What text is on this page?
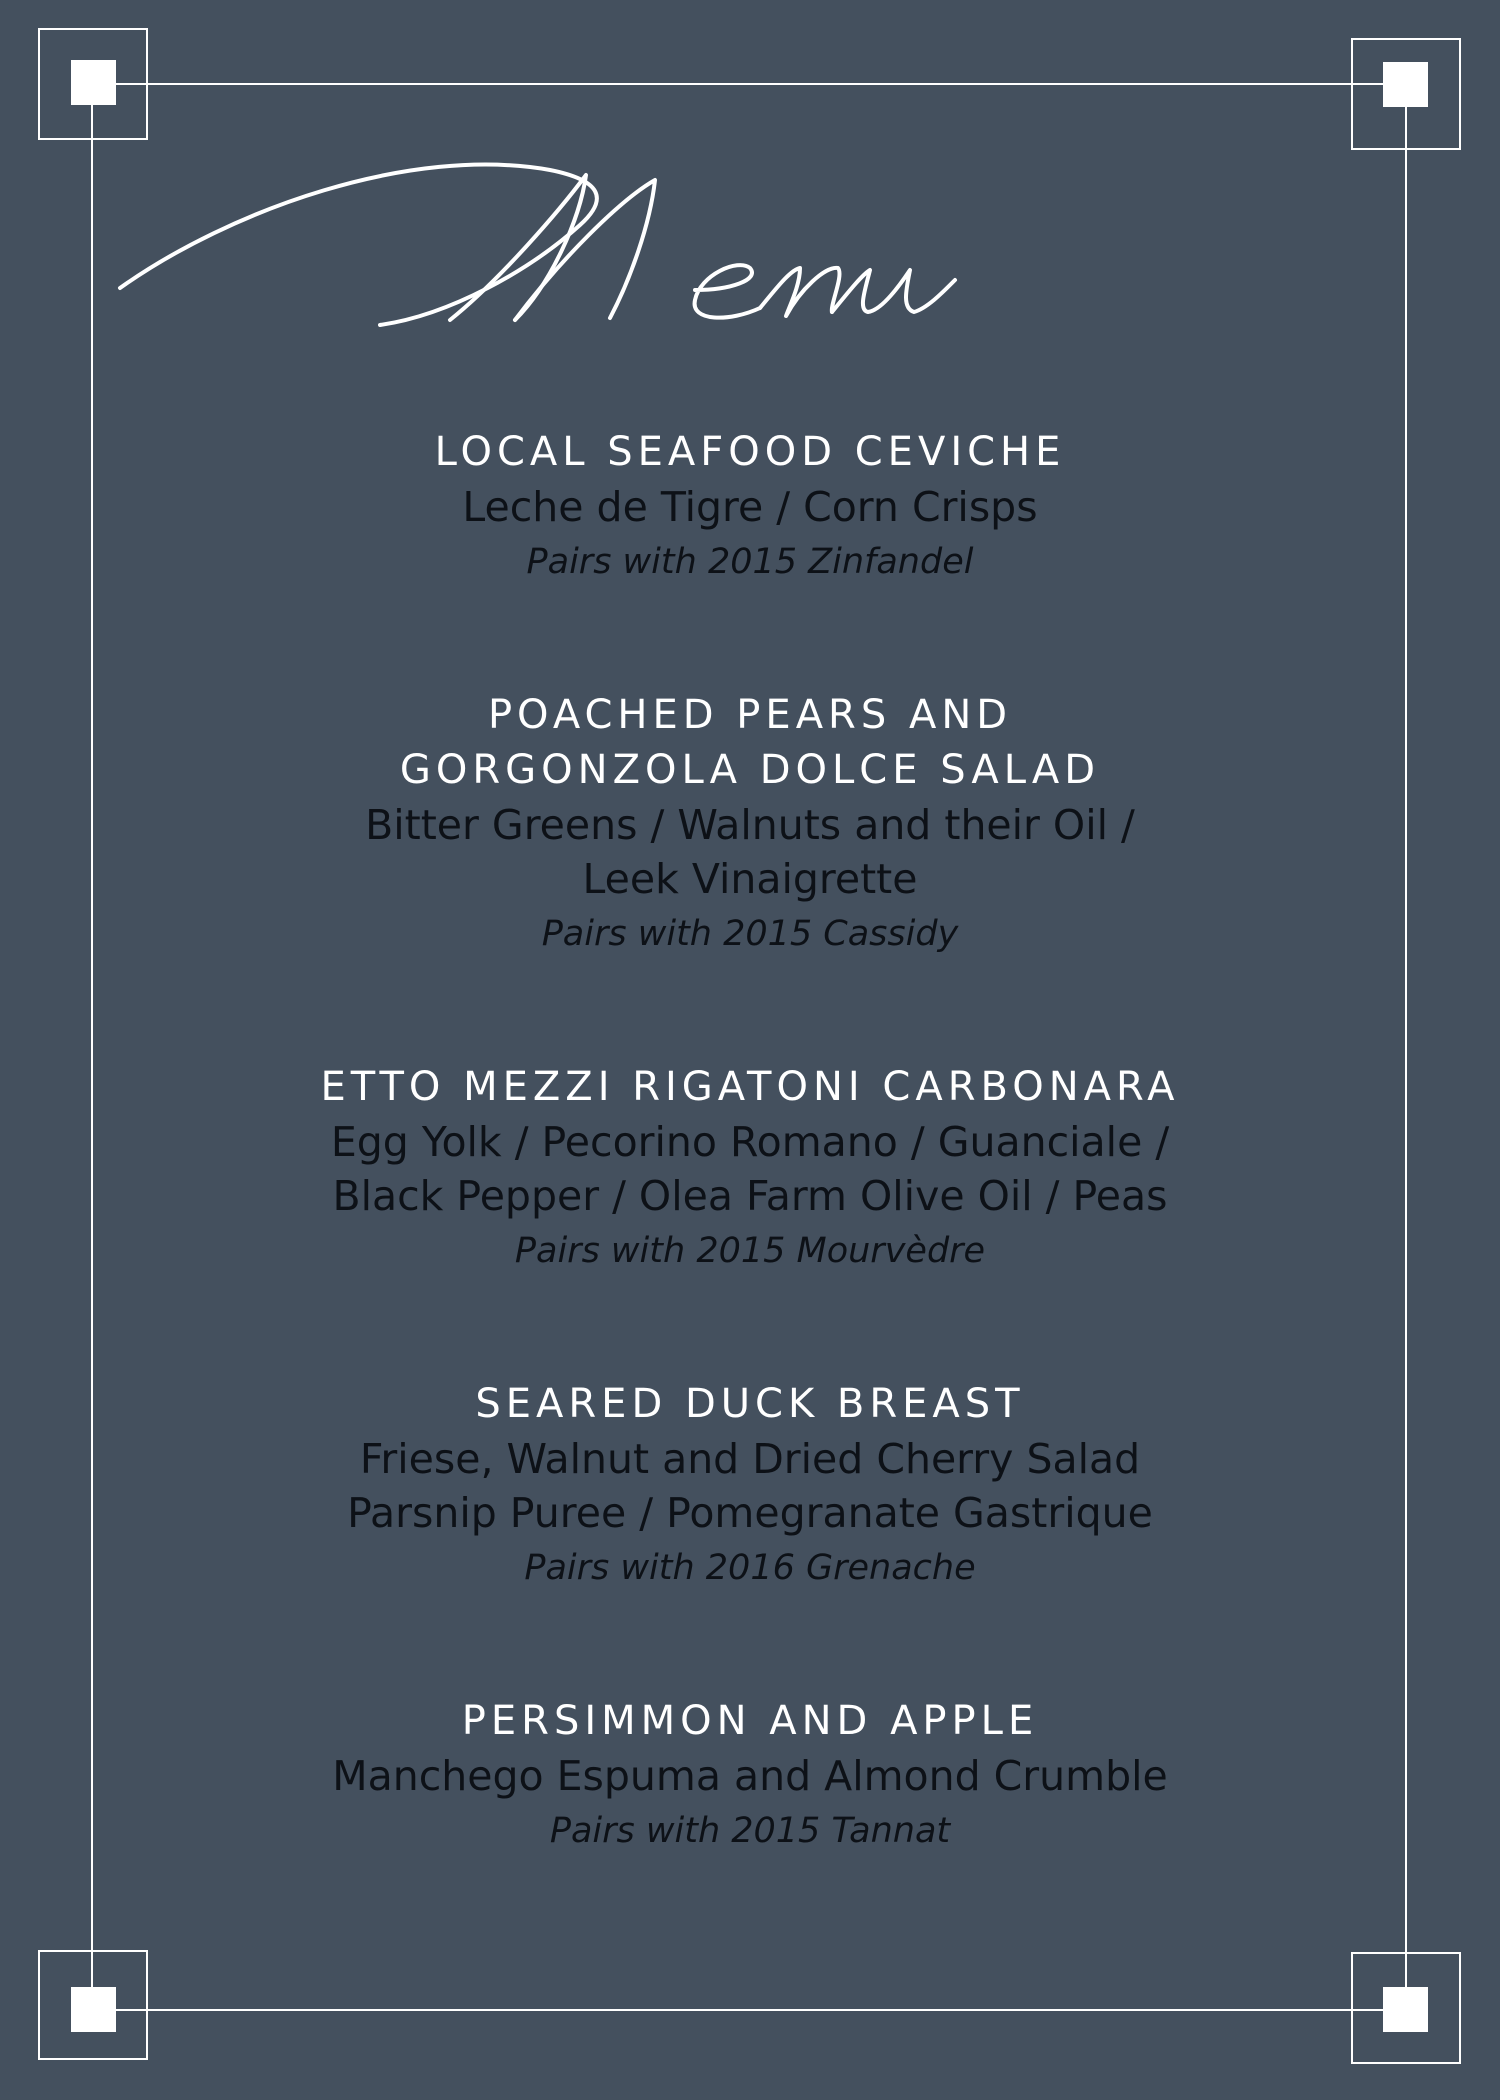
LOCAL SEAFOOD CEVICHE

Leche de Tigre / Corn Crisps

Pairs with 2015 Zinfandel

POACHED PEARS AND

GORGONZOLA DOLCE SALAD

Bitter Greens / Walnuts and their Oil /

Leek Vinaigrette

Pairs with 2015 Cassidy

ETTO MEZZI RIGATONI CARBONARA

Egg Yolk / Pecorino Romano / Guanciale /

Black Pepper / Olea Farm Olive Oil / Peas

Pairs with 2015 Mourvèdre

SEARED DUCK BREAST

Friese, Walnut and Dried Cherry Salad

Parsnip Puree / Pomegranate Gastrique

Pairs with 2016 Grenache

PERSIMMON AND APPLE

Manchego Espuma and Almond Crumble

Pairs with 2015 Tannat
